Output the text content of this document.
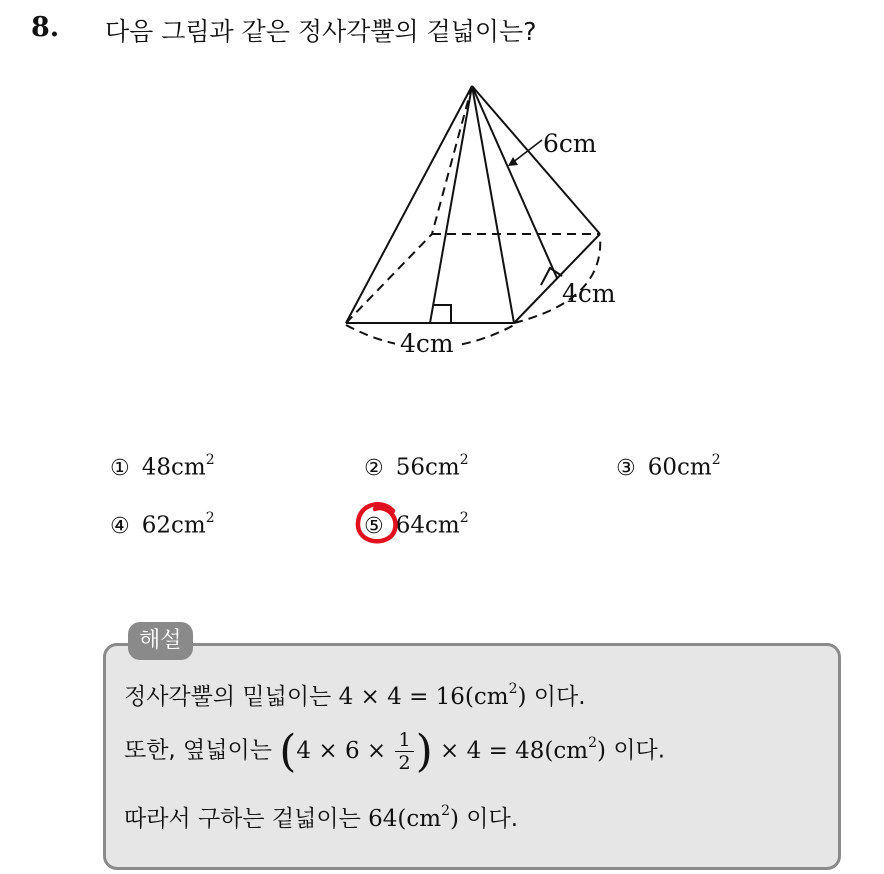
8. 다음 그림과 같은 정사각뿔의 겉넓이는?
6cm
4cm
4cm
① $48cm^2$	② $56cm^2$	③ $60cm^2$
④ $62cm^2$	⑤ $64cm^2$
해설
정사각뿔의 밑넓이는 $4 \times 4 = 16(cm^2)$ 이다.
또한, 옆넓이는 ($4 \times 6 \times \frac{1}{2}$ ) × $4 = 48(cm^2)$ 이다.
따라서 구하는 겉넓이는 $64(cm^2)$ 이다.
